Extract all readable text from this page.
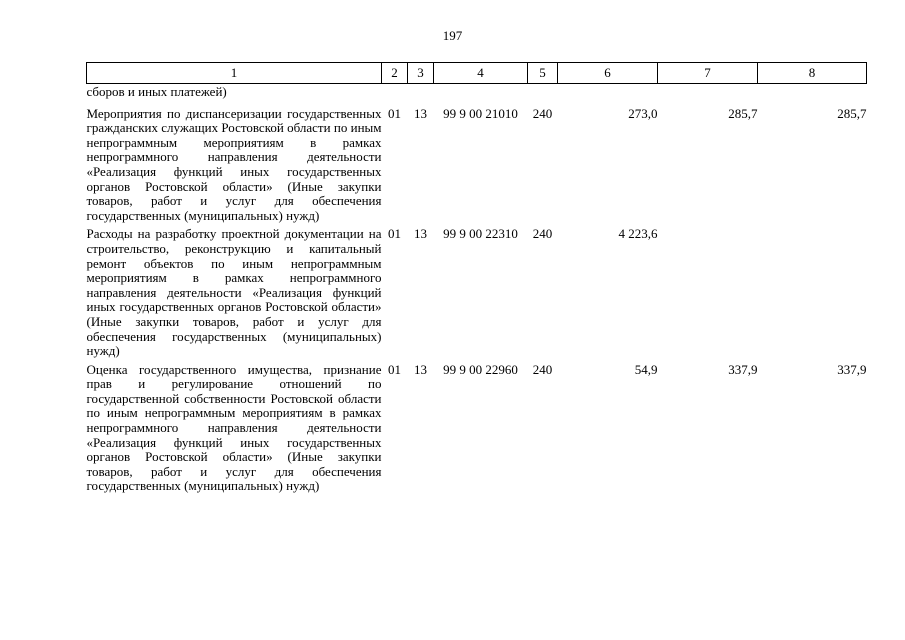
197
1	2	3	4	5	6	7	8
сборов и иных платежей)							
Мероприятия по диспансеризации государственных гражданских служащих Ростовской области по иным непрограммным мероприятиям в рамках непрограммного направления деятельности «Реализация функций иных государственных органов Ростовской области» (Иные закупки товаров, работ и услуг для обеспечения государственных (муниципальных) нужд)	01	13	99 9 00 21010	240	273,0	285,7	285,7
Расходы на разработку проектной документации на строительство, реконструкцию и капитальный ремонт объектов по иным непрограммным мероприятиям в рамках непрограммного направления деятельности «Реализация функций иных государственных органов Ростовской области» (Иные закупки товаров, работ и услуг для обеспечения государственных (муниципальных) нужд)	01	13	99 9 00 22310	240	4 223,6		
Оценка государственного имущества, признание прав и регулирование отношений по государственной собственности Ростовской области по иным непрограммным мероприятиям в рамках непрограммного направления деятельности «Реализация функций иных государственных органов Ростовской области» (Иные закупки товаров, работ и услуг для обеспечения государственных (муниципальных) нужд)	01	13	99 9 00 22960	240	54,9	337,9	337,9
